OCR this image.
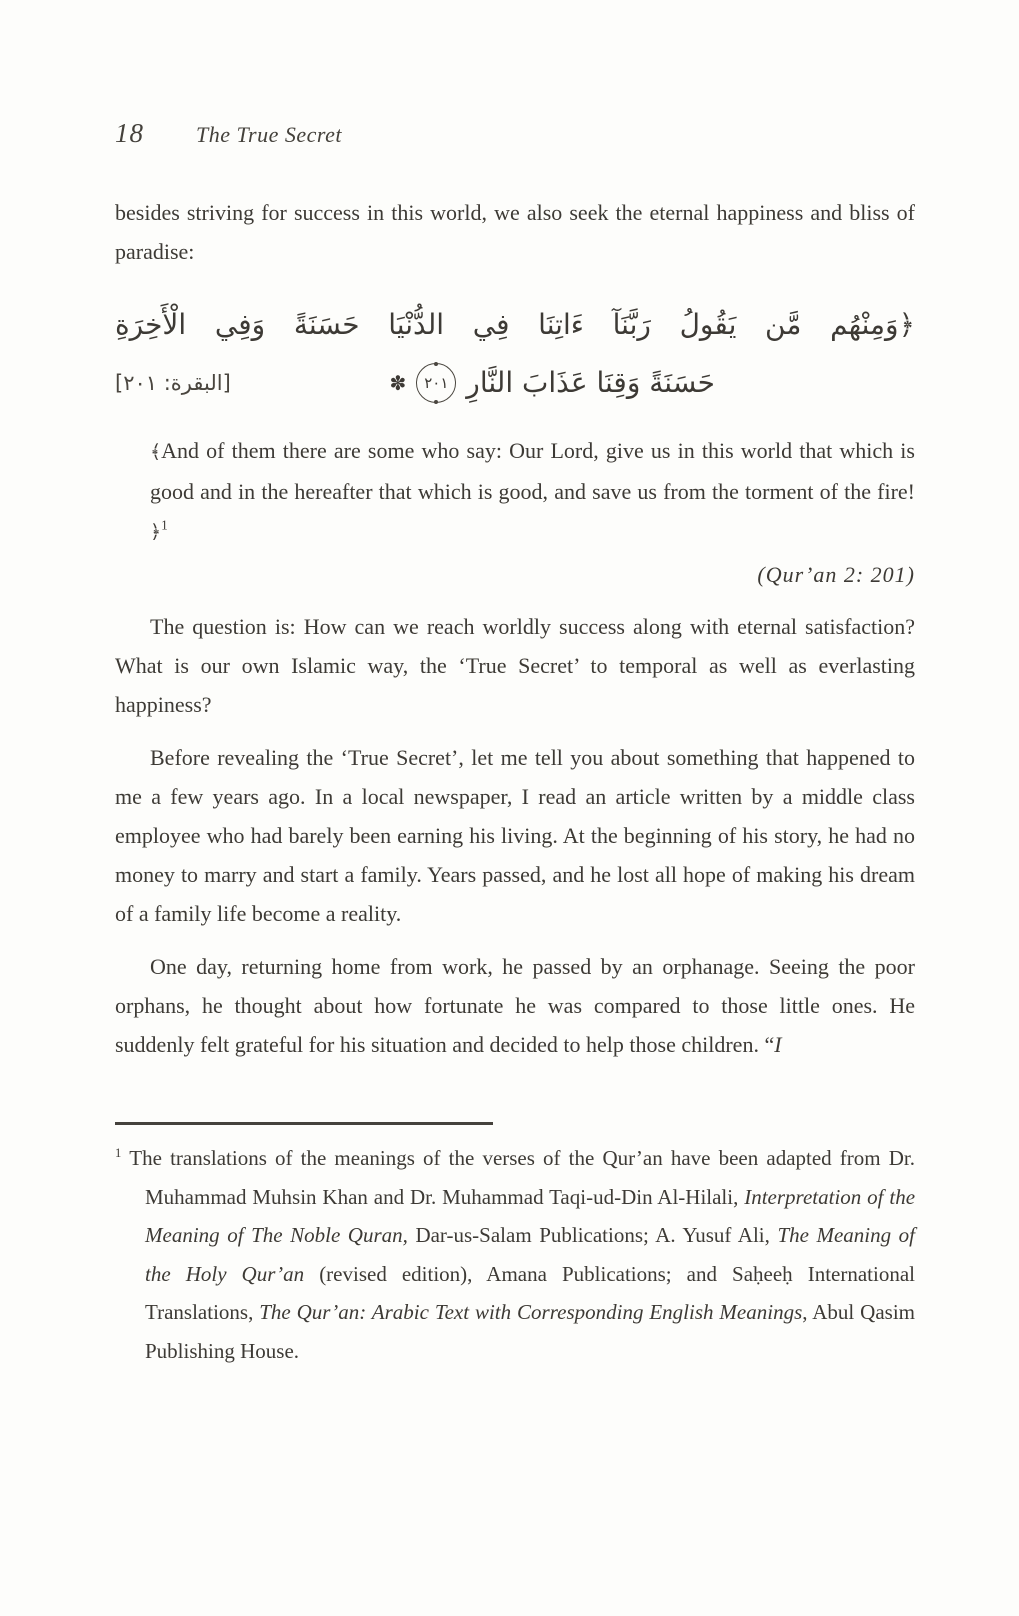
18 The True Secret

besides striving for success in this world, we also seek the eternal happiness and bliss of paradise:

﴿وَمِنْهُم مَّن يَقُولُ رَبَّنَآ ءَاتِنَا فِي الدُّنْيَا حَسَنَةً وَفِي الْأَخِرَةِ
[البقرة: ٢٠١]	حَسَنَةً وَقِنَا عَذَابَ النَّارِ
٢٠١
✽

﴾And of them there are some who say: Our Lord, give us in this world that which is good and in the hereafter that which is good, and save us from the torment of the fire!﴿$^1$

(Qur’an 2: 201)

The question is: How can we reach worldly success along with eternal satisfaction? What is our own Islamic way, the ‘True Secret’ to temporal as well as everlasting happiness?

Before revealing the ‘True Secret’, let me tell you about something that happened to me a few years ago. In a local newspaper, I read an article written by a middle class employee who had barely been earning his living. At the beginning of his story, he had no money to marry and start a family. Years passed, and he lost all hope of making his dream of a family life become a reality.

One day, returning home from work, he passed by an orphanage. Seeing the poor orphans, he thought about how fortunate he was compared to those little ones. He suddenly felt grateful for his situation and decided to help those children. “I

$^1$ The translations of the meanings of the verses of the Qur’an have been adapted from Dr. Muhammad Muhsin Khan and Dr. Muhammad Taqi-ud-Din Al-Hilali, Interpretation of the Meaning of The Noble Quran, Dar-us-Salam Publications; A. Yusuf Ali, The Meaning of the Holy Qur’an (revised edition), Amana Publications; and Saḥeeḥ International Translations, The Qur’an: Arabic Text with Corresponding English Meanings, Abul Qasim Publishing House.
